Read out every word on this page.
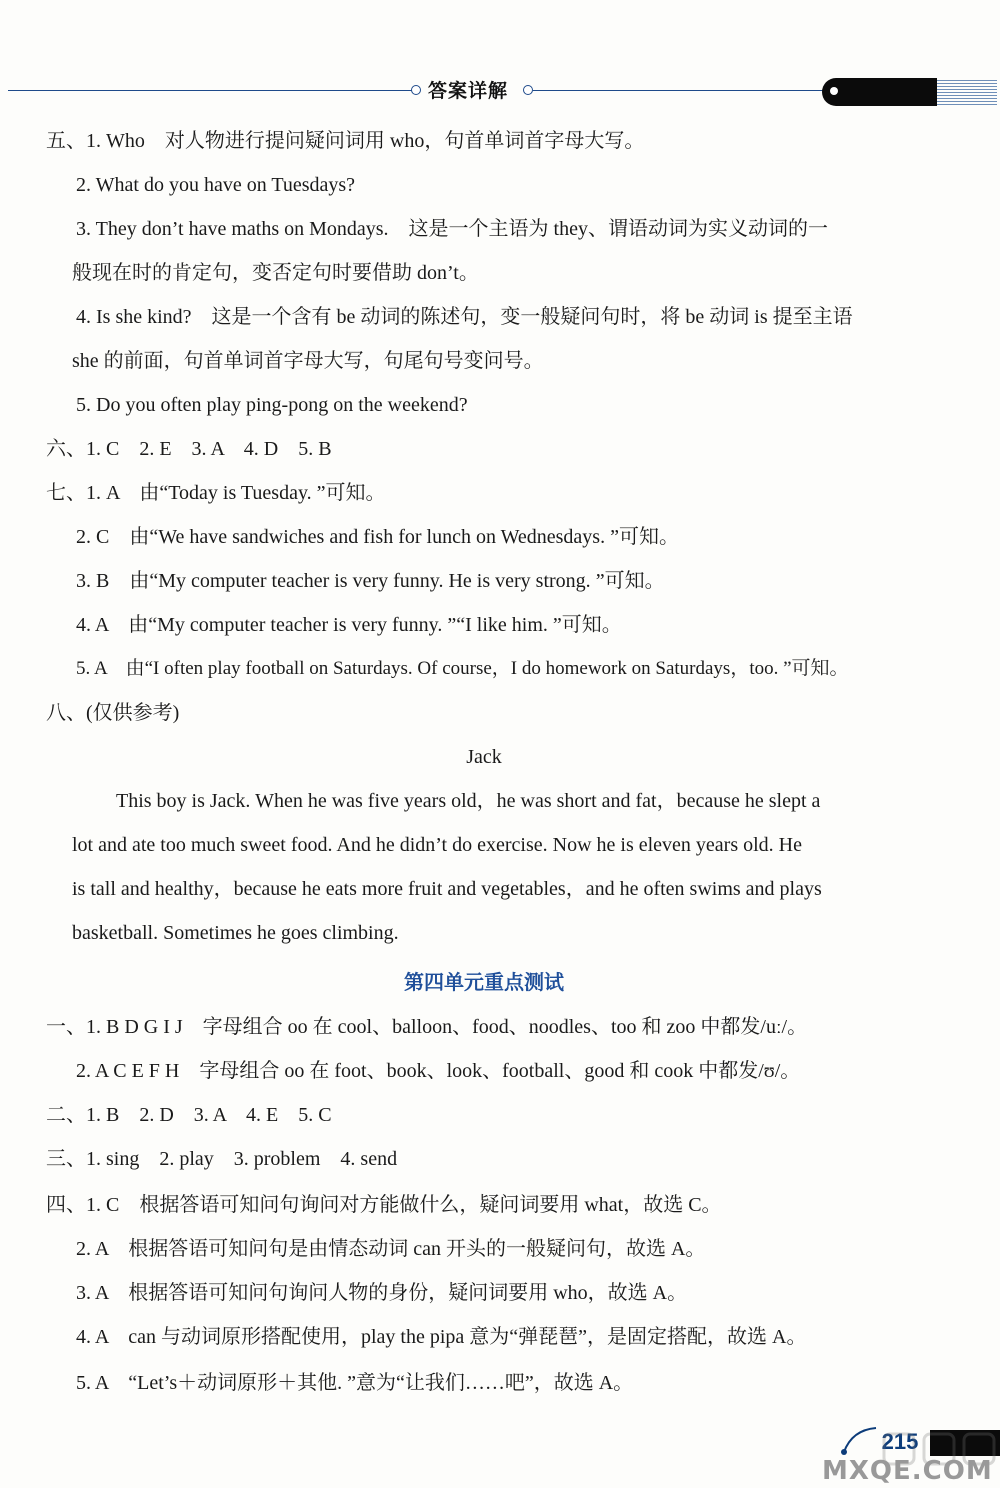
答案详解
五、1. Who　对人物进行提问疑问词用 who，句首单词首字母大写。
2. What do you have on Tuesdays?
3. They don’t have maths on Mondays.　这是一个主语为 they、谓语动词为实义动词的一
般现在时的肯定句，变否定句时要借助 don’t。
4. Is she kind?　这是一个含有 be 动词的陈述句，变一般疑问句时，将 be 动词 is 提至主语
she 的前面，句首单词首字母大写，句尾句号变问号。
5. Do you often play ping-pong on the weekend?
六、1. C　2. E　3. A　4. D　5. B
七、1. A　由“Today is Tuesday. ”可知。
2. C　由“We have sandwiches and fish for lunch on Wednesdays. ”可知。
3. B　由“My computer teacher is very funny. He is very strong. ”可知。
4. A　由“My computer teacher is very funny. ”“I like him. ”可知。
5. A　由“I often play football on Saturdays. Of course，I do homework on Saturdays，too. ”可知。
八、(仅供参考)
Jack
This boy is Jack. When he was five years old，he was short and fat，because he slept a
lot and ate too much sweet food. And he didn’t do exercise. Now he is eleven years old. He
is tall and healthy，because he eats more fruit and vegetables，and he often swims and plays
basketball. Sometimes he goes climbing.
第四单元重点测试
一、1. B D G I J　字母组合 oo 在 cool、balloon、food、noodles、too 和 zoo 中都发/uː/。
2. A C E F H　字母组合 oo 在 foot、book、look、football、good 和 cook 中都发/ʊ/。
二、1. B　2. D　3. A　4. E　5. C
三、1. sing　2. play　3. problem　4. send
四、1. C　根据答语可知问句询问对方能做什么，疑问词要用 what，故选 C。
2. A　根据答语可知问句是由情态动词 can 开头的一般疑问句，故选 A。
3. A　根据答语可知问句询问人物的身份，疑问词要用 who，故选 A。
4. A　can 与动词原形搭配使用，play the pipa 意为“弹琵琶”，是固定搭配，故选 A。
5. A　“Let’s＋动词原形＋其他. ”意为“让我们……吧”，故选 A。
215
MXQE.COM
